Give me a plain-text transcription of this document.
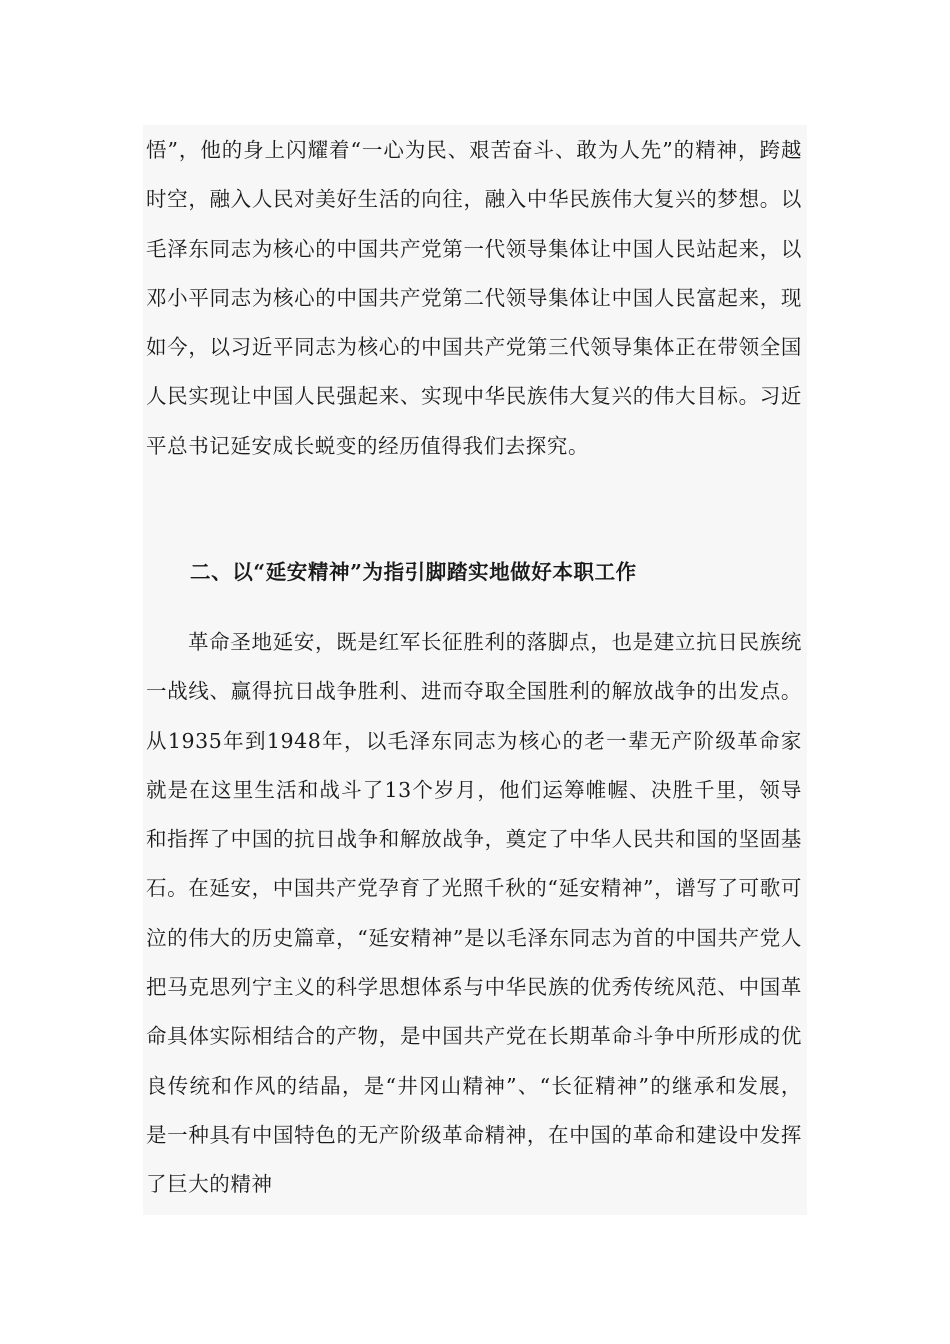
悟”，他的身上闪耀着“一心为民、艰苦奋斗、敢为人先”的精神，跨越时空，融入人民对美好生活的向往，融入中华民族伟大复兴的梦想。以毛泽东同志为核心的中国共产党第一代领导集体让中国人民站起来，以邓小平同志为核心的中国共产党第二代领导集体让中国人民富起来，现如今，以习近平同志为核心的中国共产党第三代领导集体正在带领全国人民实现让中国人民强起来、实现中华民族伟大复兴的伟大目标。习近平总书记延安成长蜕变的经历值得我们去探究。

二、以“延安精神”为指引脚踏实地做好本职工作

革命圣地延安，既是红军长征胜利的落脚点，也是建立抗日民族统一战线、赢得抗日战争胜利、进而夺取全国胜利的解放战争的出发点。从1935年到1948年，以毛泽东同志为核心的老一辈无产阶级革命家就是在这里生活和战斗了13个岁月，他们运筹帷幄、决胜千里，领导和指挥了中国的抗日战争和解放战争，奠定了中华人民共和国的坚固基石。在延安，中国共产党孕育了光照千秋的“延安精神”，谱写了可歌可泣的伟大的历史篇章，“延安精神”是以毛泽东同志为首的中国共产党人把马克思列宁主义的科学思想体系与中华民族的优秀传统风范、中国革命具体实际相结合的产物，是中国共产党在长期革命斗争中所形成的优良传统和作风的结晶，是“井冈山精神”、“长征精神”的继承和发展，是一种具有中国特色的无产阶级革命精神，在中国的革命和建设中发挥了巨大的精神
